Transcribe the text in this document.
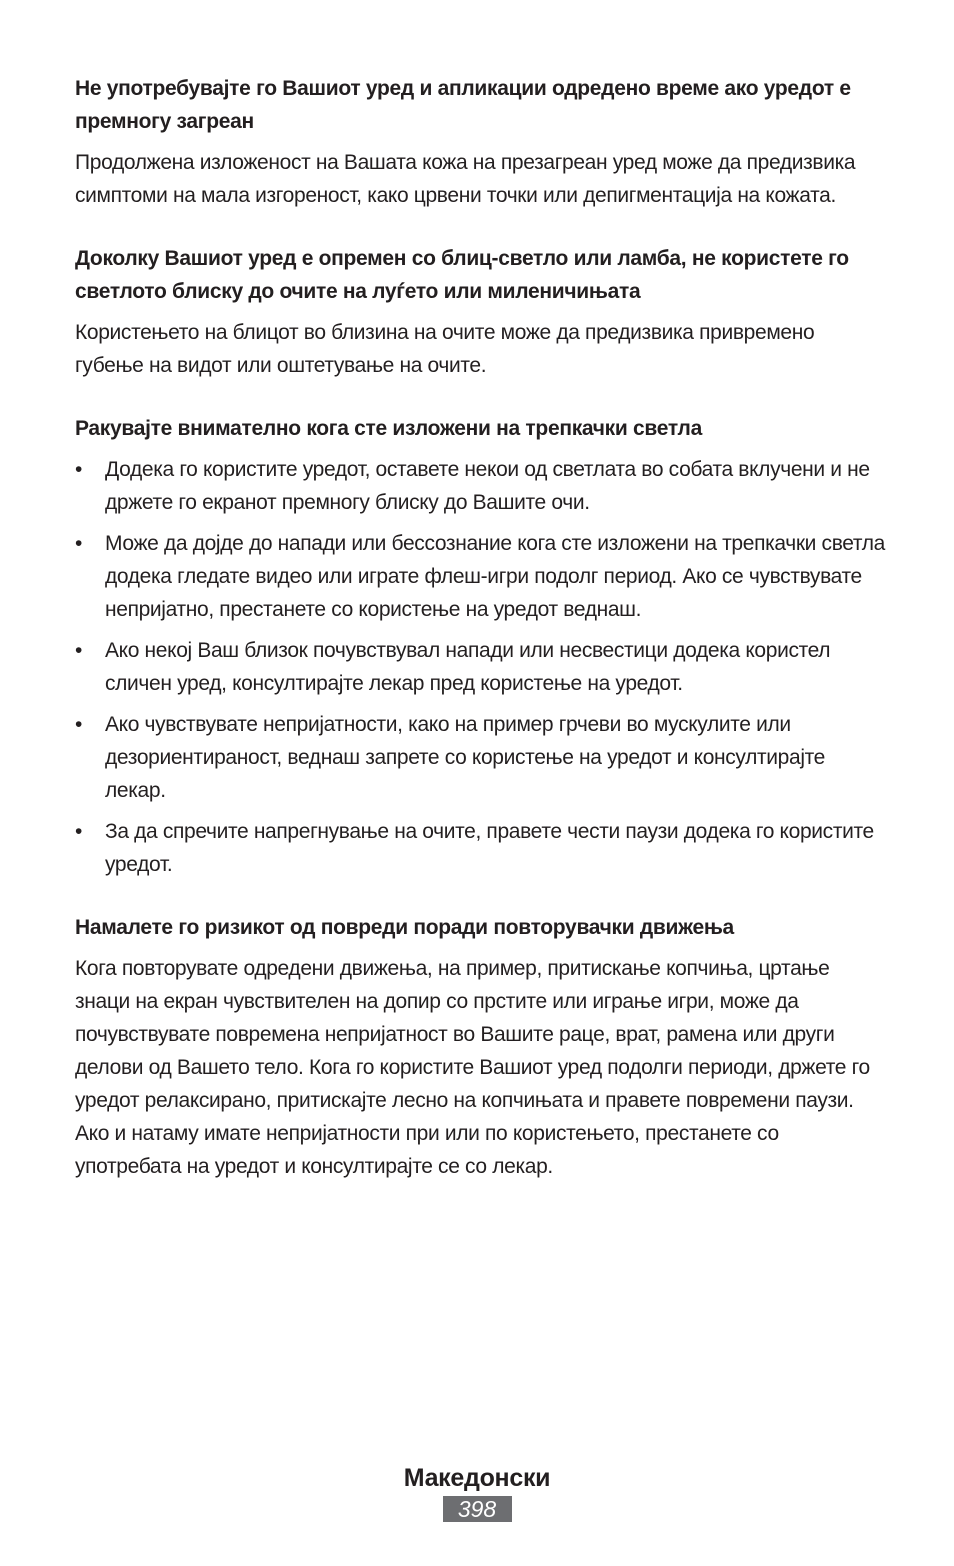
Не употребувајте го Вашиот уред и апликации одредено време ако уредот е премногу загреан

Продолжена изложеност на Вашата кожа на презагреан уред може да предизвика симптоми на мала изгореност, како црвени точки или депигментација на кожата.

Доколку Вашиот уред е опремен со блиц-светло или ламба, не користете го светлото блиску до очите на луѓето или миленичињата

Користењето на блицот во близина на очите може да предизвика привремено губење на видот или оштетување на очите.

Ракувајте внимателно кога сте изложени на трепкачки светла

• Додека го користите уредот, оставете некои од светлата во собата вклучени и не држете го екранот премногу блиску до Вашите очи.
• Може да дојде до напади или бессознание кога сте изложени на трепкачки светла додека гледате видео или играте флеш-игри подолг период. Ако се чувствувате непријатно, престанете со користење на уредот веднаш.
• Ако некој Ваш близок почувствувал напади или несвестици додека користел сличен уред, консултирајте лекар пред користење на уредот.
• Ако чувствувате непријатности, како на пример грчеви во мускулите или дезориентираност, веднаш запрете со користење на уредот и консултирајте лекар.
• За да спречите напрегнување на очите, правете чести паузи додека го користите уредот.

Намалете го ризикот од повреди поради повторувачки движења

Кога повторувате одредени движења, на пример, притискање копчиња, цртање знаци на екран чувствителен на допир со прстите или играње игри, може да почувствувате повремена непријатност во Вашите раце, врат, рамена или други делови од Вашето тело. Кога го користите Вашиот уред подолги периоди, држете го уредот релаксирано, притискајте лесно на копчињата и правете повремени паузи. Ако и натаму имате непријатности при или по користењето, престанете со употребата на уредот и консултирајте се со лекар.

Македонски
398
